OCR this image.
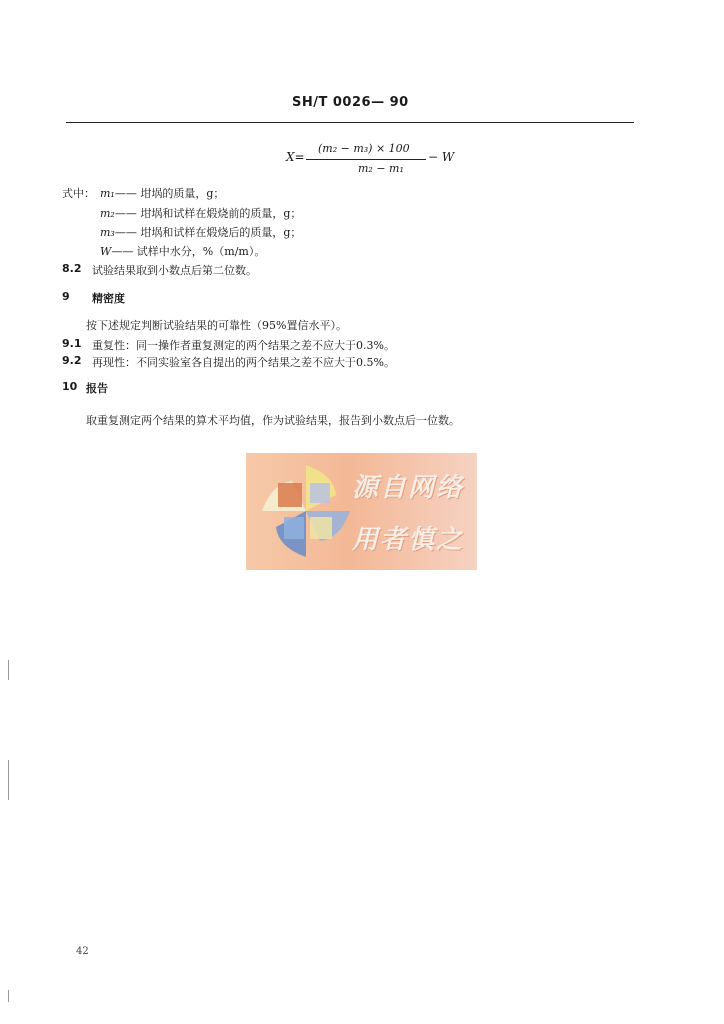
SH/T 0026— 90
X=
(m₂ − m₃) × 100
m₂ − m₁
− W
式中： m₁—— 坩埚的质量，g；
m₂—— 坩埚和试样在煅烧前的质量，g；
m₃—— 坩埚和试样在煅烧后的质量，g；
W—— 试样中水分，%（m/m）。
8.2 试验结果取到小数点后第二位数。
9 精密度
按下述规定判断试验结果的可靠性（95%置信水平）。
9.1 重复性：同一操作者重复测定的两个结果之差不应大于0.3%。
9.2 再现性：不同实验室各自提出的两个结果之差不应大于0.5%。
10 报告
取重复测定两个结果的算术平均值，作为试验结果，报告到小数点后一位数。
源自网络
用者慎之
42
